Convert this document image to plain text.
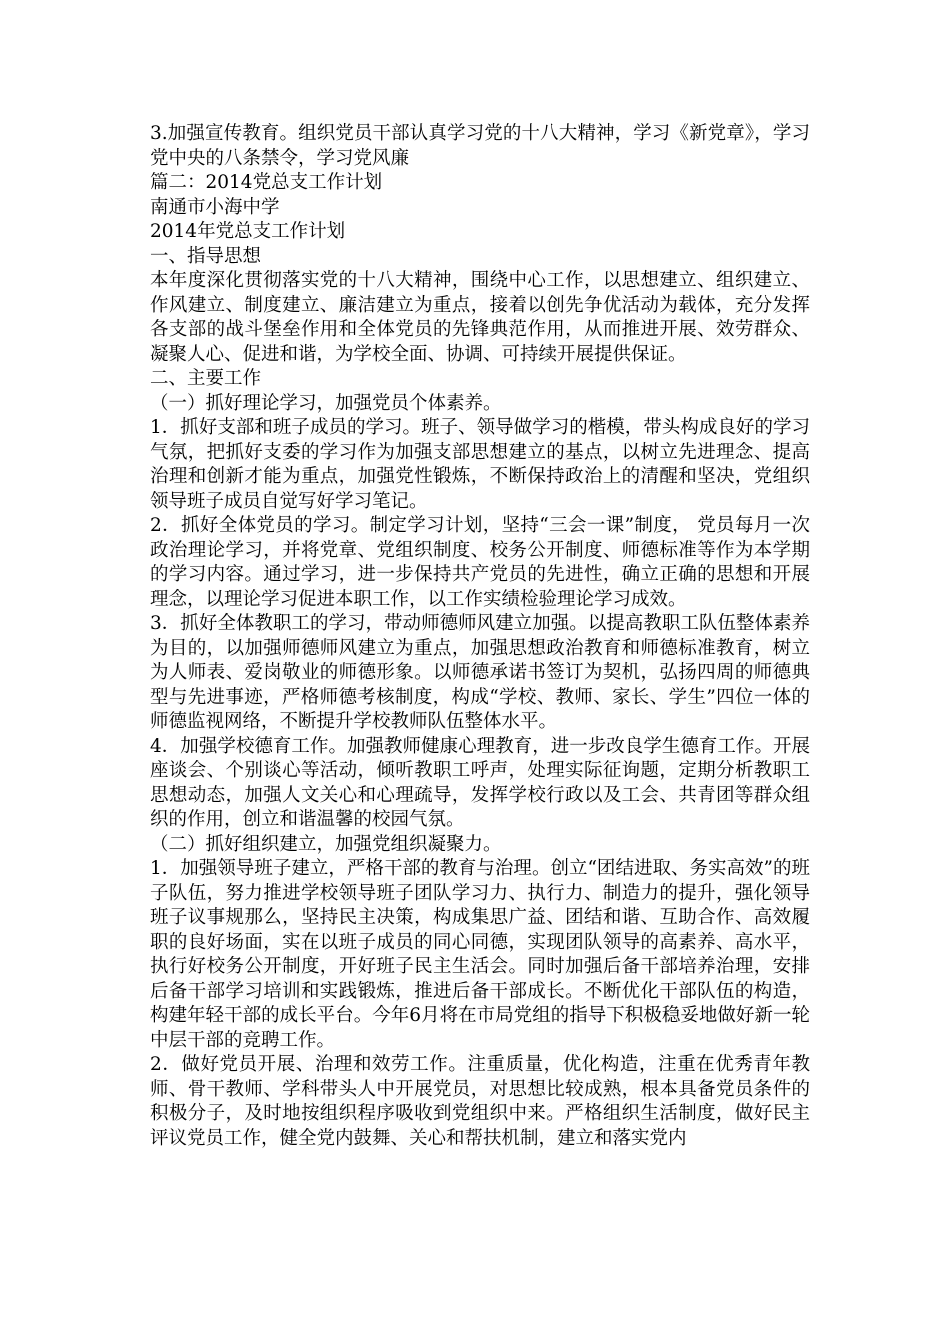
3.加强宣传教育。组织党员干部认真学习党的十八大精神，学习《新党章》，学习党中央的八条禁令，学习党风廉

篇二：2014党总支工作计划

南通市小海中学

2014年党总支工作计划

一、指导思想

本年度深化贯彻落实党的十八大精神，围绕中心工作，以思想建立、组织建立、作风建立、制度建立、廉洁建立为重点，接着以创先争优活动为载体，充分发挥各支部的战斗堡垒作用和全体党员的先锋典范作用，从而推进开展、效劳群众、凝聚人心、促进和谐，为学校全面、协调、可持续开展提供保证。

二、主要工作

（一）抓好理论学习，加强党员个体素养。

1．抓好支部和班子成员的学习。班子、领导做学习的楷模，带头构成良好的学习气氛，把抓好支委的学习作为加强支部思想建立的基点，以树立先进理念、提高治理和创新才能为重点，加强党性锻炼，不断保持政治上的清醒和坚决，党组织领导班子成员自觉写好学习笔记。

2．抓好全体党员的学习。制定学习计划，坚持“三会一课”制度， 党员每月一次政治理论学习，并将党章、党组织制度、校务公开制度、师德标准等作为本学期的学习内容。通过学习，进一步保持共产党员的先进性，确立正确的思想和开展理念，以理论学习促进本职工作，以工作实绩检验理论学习成效。

3．抓好全体教职工的学习，带动师德师风建立加强。以提高教职工队伍整体素养为目的，以加强师德师风建立为重点，加强思想政治教育和师德标准教育，树立为人师表、爱岗敬业的师德形象。以师德承诺书签订为契机，弘扬四周的师德典型与先进事迹，严格师德考核制度，构成“学校、教师、家长、学生”四位一体的师德监视网络，不断提升学校教师队伍整体水平。

4．加强学校德育工作。加强教师健康心理教育，进一步改良学生德育工作。开展座谈会、个别谈心等活动，倾听教职工呼声，处理实际征询题，定期分析教职工思想动态，加强人文关心和心理疏导，发挥学校行政以及工会、共青团等群众组织的作用，创立和谐温馨的校园气氛。

（二）抓好组织建立，加强党组织凝聚力。

1．加强领导班子建立，严格干部的教育与治理。创立“团结进取、务实高效”的班子队伍，努力推进学校领导班子团队学习力、执行力、制造力的提升，强化领导班子议事规那么，坚持民主决策，构成集思广益、团结和谐、互助合作、高效履职的良好场面，实在以班子成员的同心同德，实现团队领导的高素养、高水平，执行好校务公开制度，开好班子民主生活会。同时加强后备干部培养治理，安排后备干部学习培训和实践锻炼，推进后备干部成长。不断优化干部队伍的构造，构建年轻干部的成长平台。今年6月将在市局党组的指导下积极稳妥地做好新一轮中层干部的竞聘工作。

2．做好党员开展、治理和效劳工作。注重质量，优化构造，注重在优秀青年教师、骨干教师、学科带头人中开展党员，对思想比较成熟，根本具备党员条件的积极分子，及时地按组织程序吸收到党组织中来。严格组织生活制度，做好民主评议党员工作，健全党内鼓舞、关心和帮扶机制，建立和落实党内
